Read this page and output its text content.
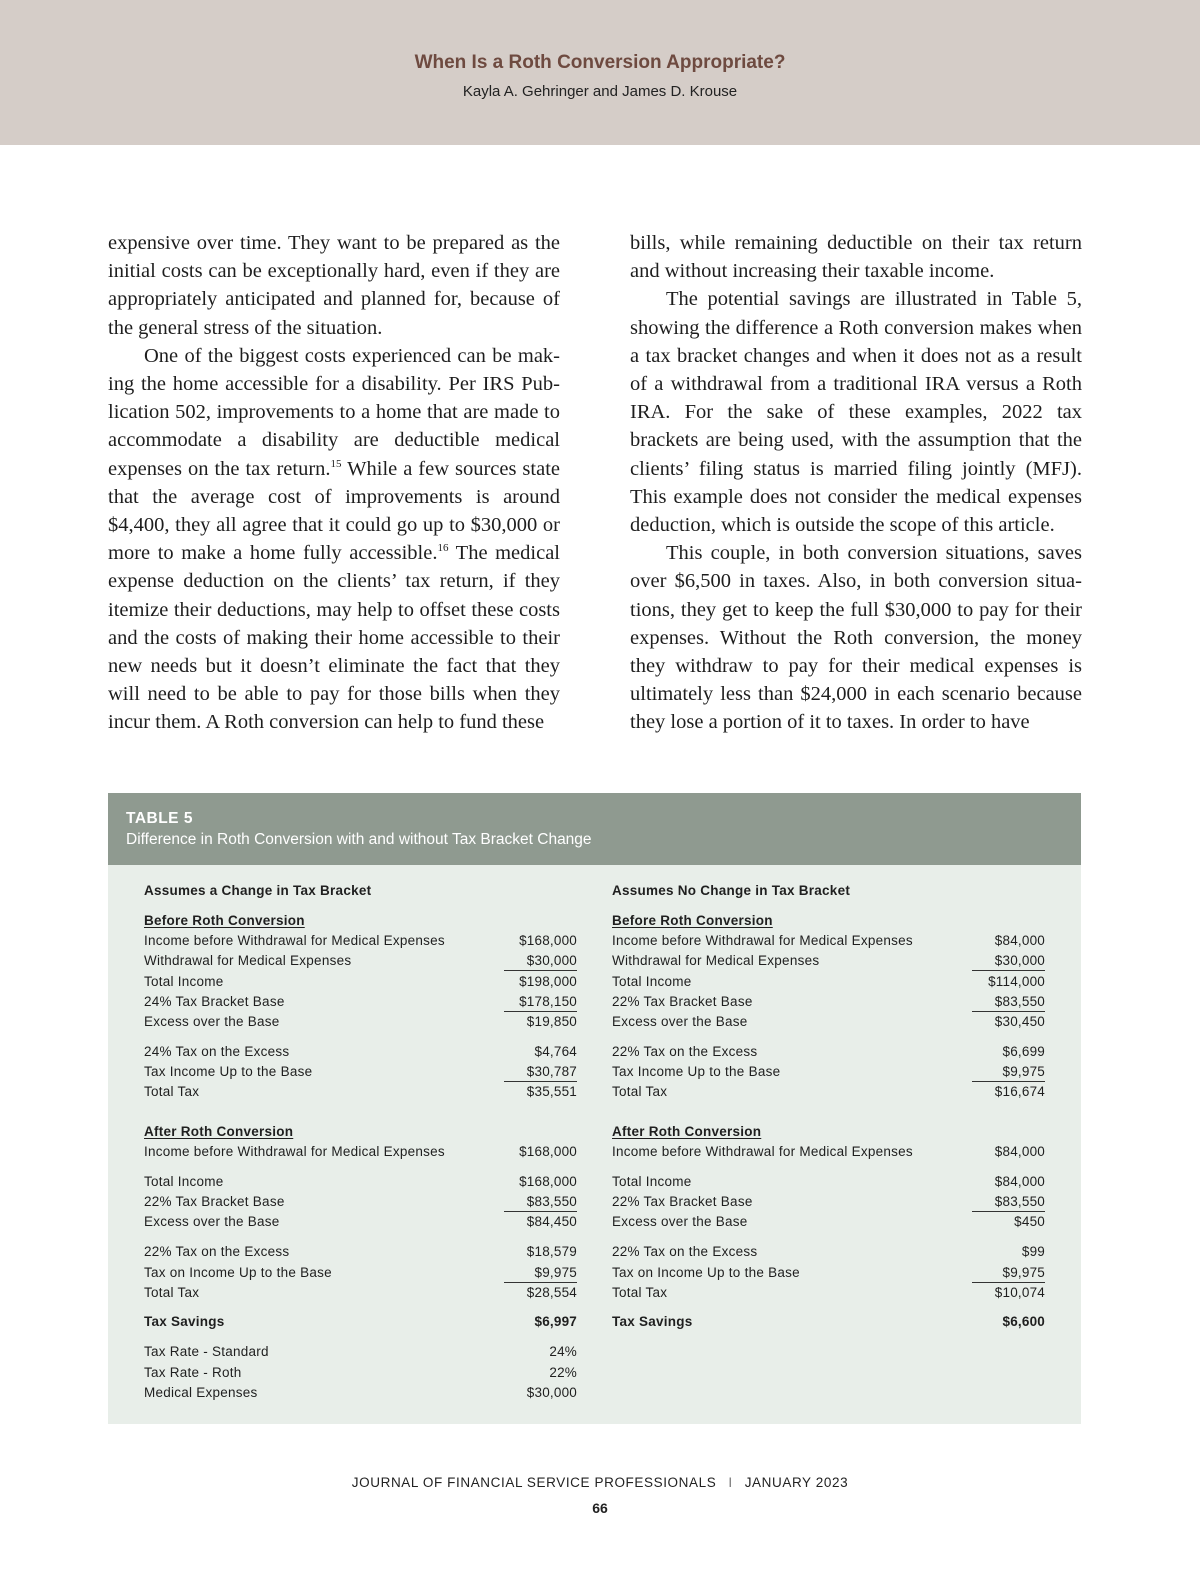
When Is a Roth Conversion Appropriate?
Kayla A. Gehringer and James D. Krouse

expensive over time. They want to be prepared as the initial costs can be exceptionally hard, even if they are appropriately anticipated and planned for, because of the general stress of the situation.

One of the biggest costs experienced can be making the home accessible for a disability. Per IRS Publication 502, improvements to a home that are made to accommodate a disability are deductible medical expenses on the tax return.$^{15}$ While a few sources state that the average cost of improvements is around $4,400, they all agree that it could go up to $30,000 or more to make a home fully accessible.$^{16}$ The medical expense deduction on the clients’ tax return, if they itemize their deductions, may help to offset these costs and the costs of making their home accessible to their new needs but it doesn’t eliminate the fact that they will need to be able to pay for those bills when they incur them. A Roth conversion can help to fund these

bills, while remaining deductible on their tax return and without increasing their taxable income.

The potential savings are illustrated in Table 5, showing the difference a Roth conversion makes when a tax bracket changes and when it does not as a result of a withdrawal from a traditional IRA versus a Roth IRA. For the sake of these examples, 2022 tax brackets are being used, with the assumption that the clients’ filing status is married filing jointly (MFJ). This example does not consider the medical expenses deduction, which is outside the scope of this article.

This couple, in both conversion situations, saves over $6,500 in taxes. Also, in both conversion situations, they get to keep the full $30,000 to pay for their expenses. Without the Roth conversion, the money they withdraw to pay for their medical expenses is ultimately less than $24,000 in each scenario because they lose a portion of it to taxes. In order to have

TABLE 5
Difference in Roth Conversion with and without Tax Bracket Change
Assumes a Change in Tax Bracket
Before Roth Conversion
Income before Withdrawal for Medical Expenses	$168,000
Withdrawal for Medical Expenses	$30,000
Total Income	$198,000
24% Tax Bracket Base	$178,150
Excess over the Base	$19,850
24% Tax on the Excess	$4,764
Tax Income Up to the Base	$30,787
Total Tax	$35,551
After Roth Conversion
Income before Withdrawal for Medical Expenses	$168,000
Total Income	$168,000
22% Tax Bracket Base	$83,550
Excess over the Base	$84,450
22% Tax on the Excess	$18,579
Tax on Income Up to the Base	$9,975
Total Tax	$28,554
Tax Savings	$6,997
Tax Rate - Standard	24%
Tax Rate - Roth	22%
Medical Expenses	$30,000
Assumes No Change in Tax Bracket
Before Roth Conversion
Income before Withdrawal for Medical Expenses	$84,000
Withdrawal for Medical Expenses	$30,000
Total Income	$114,000
22% Tax Bracket Base	$83,550
Excess over the Base	$30,450
22% Tax on the Excess	$6,699
Tax Income Up to the Base	$9,975
Total Tax	$16,674
After Roth Conversion
Income before Withdrawal for Medical Expenses	$84,000
Total Income	$84,000
22% Tax Bracket Base	$83,550
Excess over the Base	$450
22% Tax on the Excess	$99
Tax on Income Up to the Base	$9,975
Total Tax	$10,074
Tax Savings	$6,600
JOURNAL OF FINANCIAL SERVICE PROFESSIONALS I JANUARY 2023
66
